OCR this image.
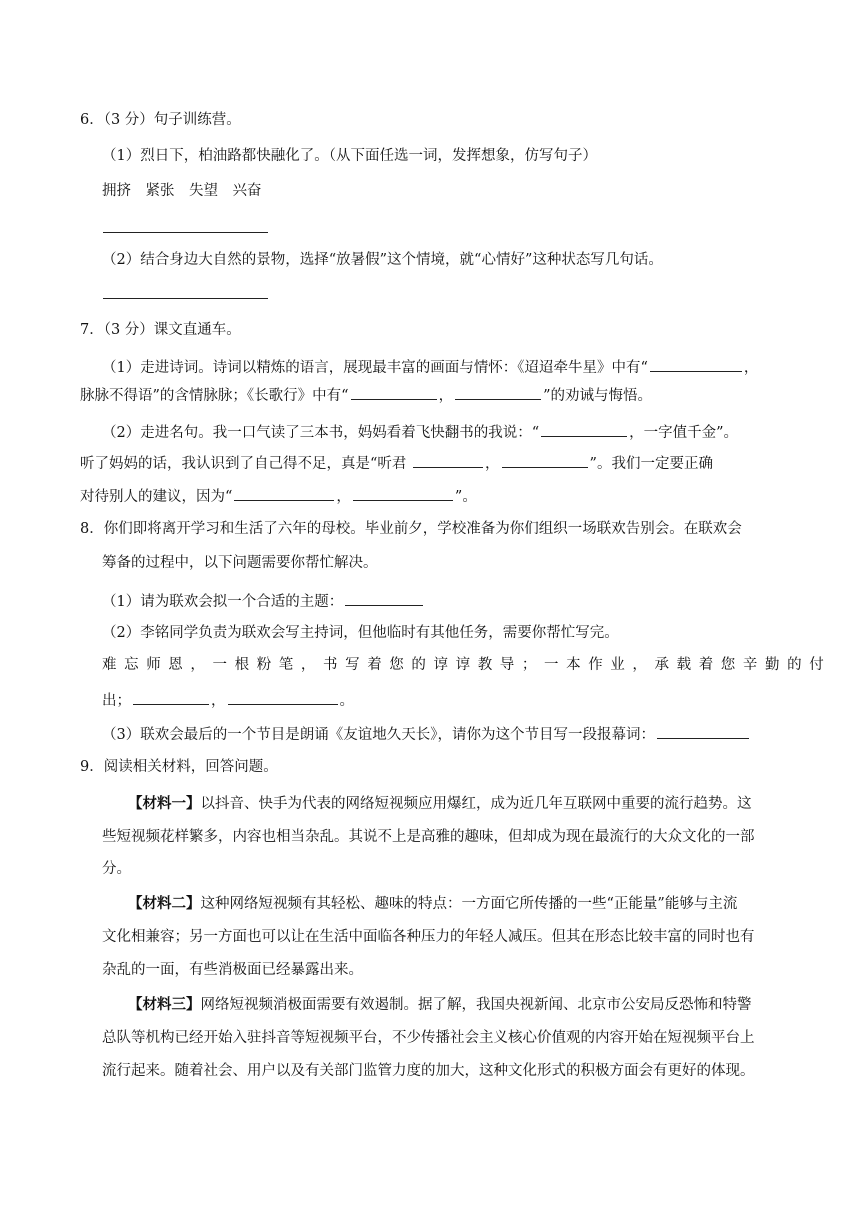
6．（3 分）句子训练营。
（1）烈日下，柏油路都快融化了。（从下面任选一词，发挥想象，仿写句子）
拥挤　紧张　失望　兴奋
（2）结合身边大自然的景物，选择“放暑假”这个情境，就“心情好”这种状态写几句话。
7．（3 分）课文直通车。
（1）走进诗词。诗词以精炼的语言，展现最丰富的画面与情怀：《迢迢牵牛星》中有“	，
脉脉不得语”的含情脉脉；《长歌行》中有“	，	”的劝诫与悔悟。
（2）走进名句。我一口气读了三本书，妈妈看着飞快翻书的我说：“	，一字值千金”。
听了妈妈的话，我认识到了自己得不足，真是“听君	，	”。我们一定要正确
对待别人的建议，因为“	，	”。
8．你们即将离开学习和生活了六年的母校。毕业前夕，学校准备为你们组织一场联欢告别会。在联欢会
筹备的过程中，以下问题需要你帮忙解决。
（1）请为联欢会拟一个合适的主题：
（2）李铭同学负责为联欢会写主持词，但他临时有其他任务，需要你帮忙写完。
难忘师恩，一根粉笔，书写着您的谆谆教导；一本作业，承载着您辛勤的付
出；	，	。
（3）联欢会最后的一个节目是朗诵《友谊地久天长》，请你为这个节目写一段报幕词：
9．阅读相关材料，回答问题。
【材料一】以抖音、快手为代表的网络短视频应用爆红，成为近几年互联网中重要的流行趋势。这
些短视频花样繁多，内容也相当杂乱。其说不上是高雅的趣味，但却成为现在最流行的大众文化的一部
分。
【材料二】这种网络短视频有其轻松、趣味的特点：一方面它所传播的一些“正能量”能够与主流
文化相兼容；另一方面也可以让在生活中面临各种压力的年轻人减压。但其在形态比较丰富的同时也有
杂乱的一面，有些消极面已经暴露出来。
【材料三】网络短视频消极面需要有效遏制。据了解，我国央视新闻、北京市公安局反恐怖和特警
总队等机构已经开始入驻抖音等短视频平台，不少传播社会主义核心价值观的内容开始在短视频平台上
流行起来。随着社会、用户以及有关部门监管力度的加大，这种文化形式的积极方面会有更好的体现。
